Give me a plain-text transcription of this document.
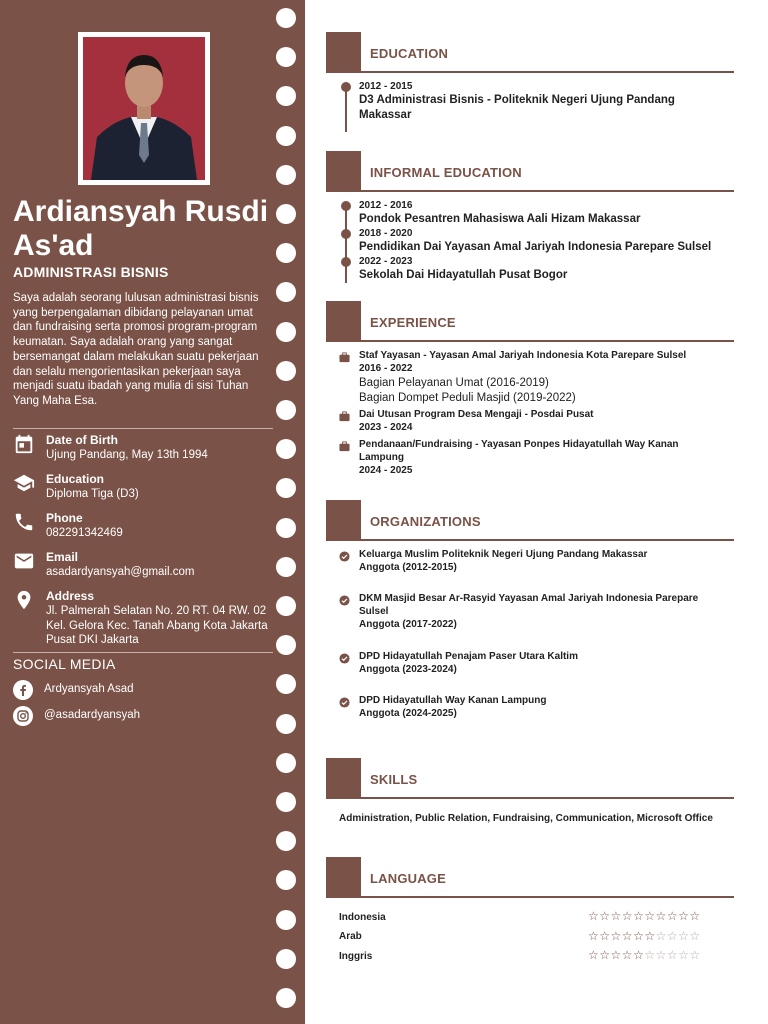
Ardiansyah Rusdi As'ad
ADMINISTRASI BISNIS
Saya adalah seorang lulusan administrasi bisnis yang berpengalaman dibidang pelayanan umat dan fundraising serta promosi program-program keumatan. Saya adalah orang yang sangat bersemangat dalam melakukan suatu pekerjaan dan selalu mengorientasikan pekerjaan saya menjadi suatu ibadah yang mulia di sisi Tuhan Yang Maha Esa.
Date of Birth
Ujung Pandang, May 13th 1994
Education
Diploma Tiga (D3)
Phone
082291342469
Email
asadardyansyah@gmail.com
Address
Jl. Palmerah Selatan No. 20 RT. 04 RW. 02 Kel. Gelora Kec. Tanah Abang Kota Jakarta Pusat DKI Jakarta
SOCIAL MEDIA
Ardyansyah Asad
@asadardyansyah
EDUCATION
2012 - 2015
D3 Administrasi Bisnis - Politeknik Negeri Ujung Pandang Makassar
INFORMAL EDUCATION
2012 - 2016
Pondok Pesantren Mahasiswa Aali Hizam Makassar
2018 - 2020
Pendidikan Dai Yayasan Amal Jariyah Indonesia Parepare Sulsel
2022 - 2023
Sekolah Dai Hidayatullah Pusat Bogor
EXPERIENCE
Staf Yayasan - Yayasan Amal Jariyah Indonesia Kota Parepare Sulsel
2016 - 2022
Bagian Pelayanan Umat (2016-2019)
Bagian Dompet Peduli Masjid (2019-2022)
Dai Utusan Program Desa Mengaji - Posdai Pusat
2023 - 2024
Pendanaan/Fundraising - Yayasan Ponpes Hidayatullah Way Kanan Lampung
2024 - 2025
ORGANIZATIONS
Keluarga Muslim Politeknik Negeri Ujung Pandang Makassar
Anggota (2012-2015)
DKM Masjid Besar Ar-Rasyid Yayasan Amal Jariyah Indonesia Parepare Sulsel
Anggota (2017-2022)
DPD Hidayatullah Penajam Paser Utara Kaltim
Anggota (2023-2024)
DPD Hidayatullah Way Kanan Lampung
Anggota (2024-2025)
SKILLS
Administration, Public Relation, Fundraising, Communication, Microsoft Office
LANGUAGE
Indonesia	☆☆☆☆☆☆☆☆☆☆
Arab	☆☆☆☆☆☆☆☆☆☆
Inggris	☆☆☆☆☆☆☆☆☆☆
